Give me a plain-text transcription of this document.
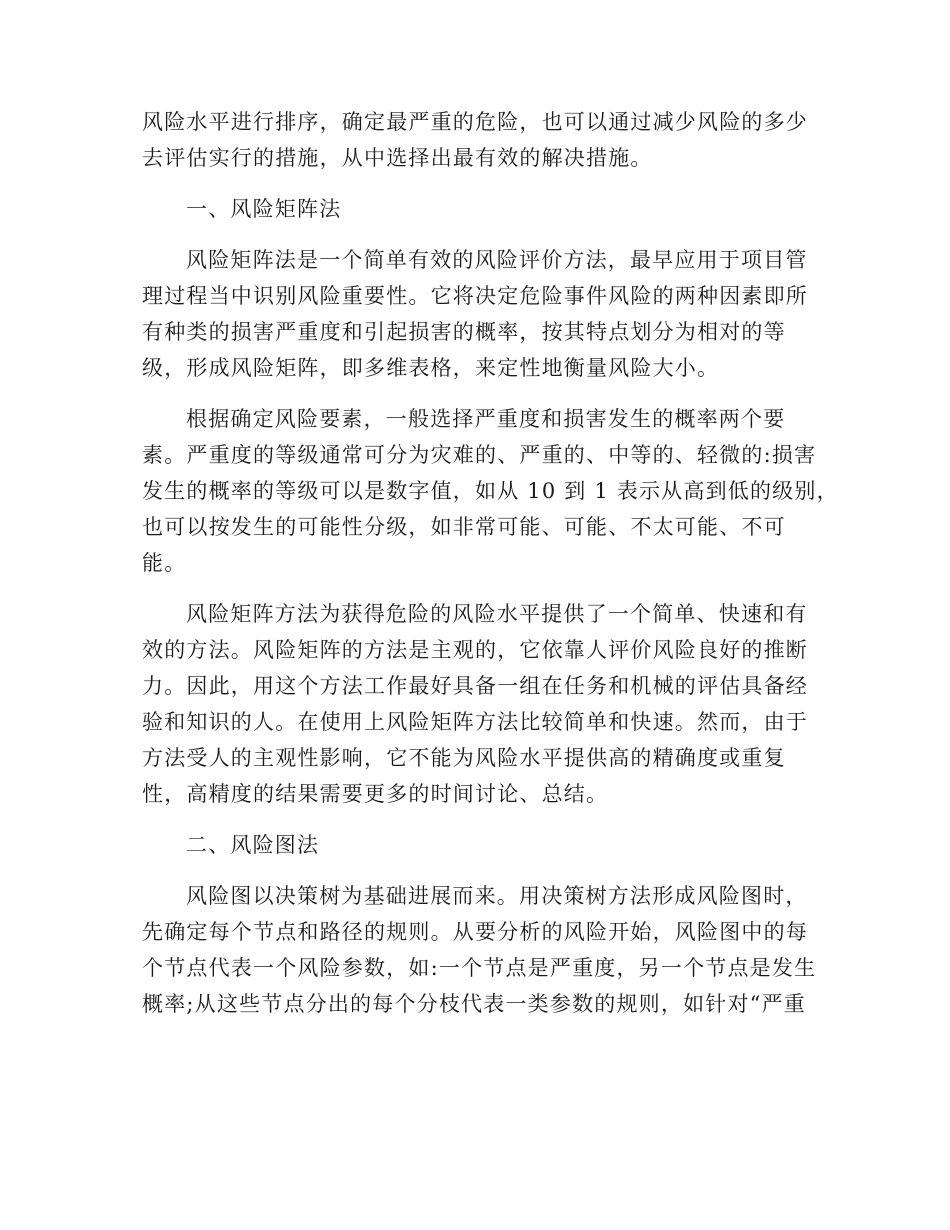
风险水平进行排序，确定最严重的危险，也可以通过减少风险的多少

去评估实行的措施，从中选择出最有效的解决措施。

一、风险矩阵法

风险矩阵法是一个简单有效的风险评价方法，最早应用于项目管

理过程当中识别风险重要性。它将决定危险事件风险的两种因素即所

有种类的损害严重度和引起损害的概率，按其特点划分为相对的等

级，形成风险矩阵，即多维表格，来定性地衡量风险大小。

根据确定风险要素，一般选择严重度和损害发生的概率两个要

素。严重度的等级通常可分为灾难的、严重的、中等的、轻微的:损害

发生的概率的等级可以是数字值，如从 10 到 1 表示从高到低的级别，

也可以按发生的可能性分级，如非常可能、可能、不太可能、不可

能。

风险矩阵方法为获得危险的风险水平提供了一个简单、快速和有

效的方法。风险矩阵的方法是主观的，它依靠人评价风险良好的推断

力。因此，用这个方法工作最好具备一组在任务和机械的评估具备经

验和知识的人。在使用上风险矩阵方法比较简单和快速。然而，由于

方法受人的主观性影响，它不能为风险水平提供高的精确度或重复

性，高精度的结果需要更多的时间讨论、总结。

二、风险图法

风险图以决策树为基础进展而来。用决策树方法形成风险图时，

先确定每个节点和路径的规则。从要分析的风险开始，风险图中的每

个节点代表一个风险参数，如:一个节点是严重度，另一个节点是发生

概率;从这些节点分出的每个分枝代表一类参数的规则，如针对“严重
